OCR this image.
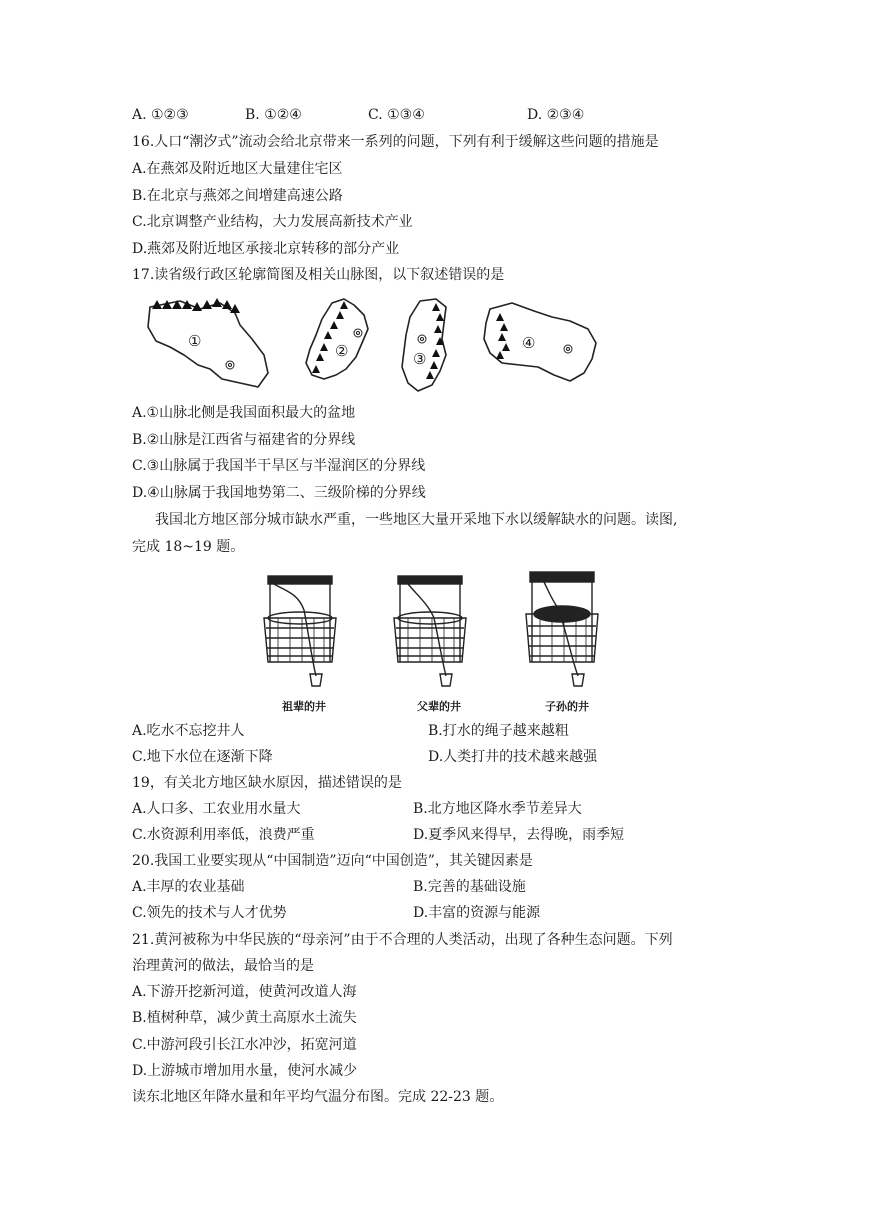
A. ①②③	B. ①②④	C. ①③④	D. ②③④
16.人口“潮汐式”流动会给北京带来一系列的问题，下列有利于缓解这些问题的措施是
A.在燕郊及附近地区大量建住宅区
B.在北京与燕郊之间增建高速公路
C.北京调整产业结构，大力发展高新技术产业
D.燕郊及附近地区承接北京转移的部分产业
17.读省级行政区轮廓简图及相关山脉图，以下叙述错误的是
①
②	③
④
A.①山脉北侧是我国面积最大的盆地
B.②山脉是江西省与福建省的分界线
C.③山脉属于我国半干旱区与半湿润区的分界线
D.④山脉属于我国地势第二、三级阶梯的分界线
我国北方地区部分城市缺水严重，一些地区大量开采地下水以缓解缺水的问题。读图,
完成 18~19 题。
祖辈的井	父辈的井	子孙的井
A.吃水不忘挖井人	B.打水的绳子越来越粗
C.地下水位在逐渐下降	D.人类打井的技术越来越强
19，有关北方地区缺水原因，描述错误的是
A.人口多、工农业用水量大	B.北方地区降水季节差异大
C.水资源利用率低，浪费严重	D.夏季风来得早，去得晚，雨季短
20.我国工业要实现从“中国制造”迈向“中国创造”，其关键因素是
A.丰厚的农业基础	B.完善的基础设施
C.领先的技术与人才优势	D.丰富的资源与能源
21.黄河被称为中华民族的“母亲河”由于不合理的人类活动，出现了各种生态问题。下列
治理黄河的做法，最恰当的是
A.下游开挖新河道，使黄河改道人海
B.植树种草，减少黄土高原水土流失
C.中游河段引长江水冲沙，拓宽河道
D.上游城市增加用水量，使河水减少
读东北地区年降水量和年平均气温分布图。完成 22-23 题。
